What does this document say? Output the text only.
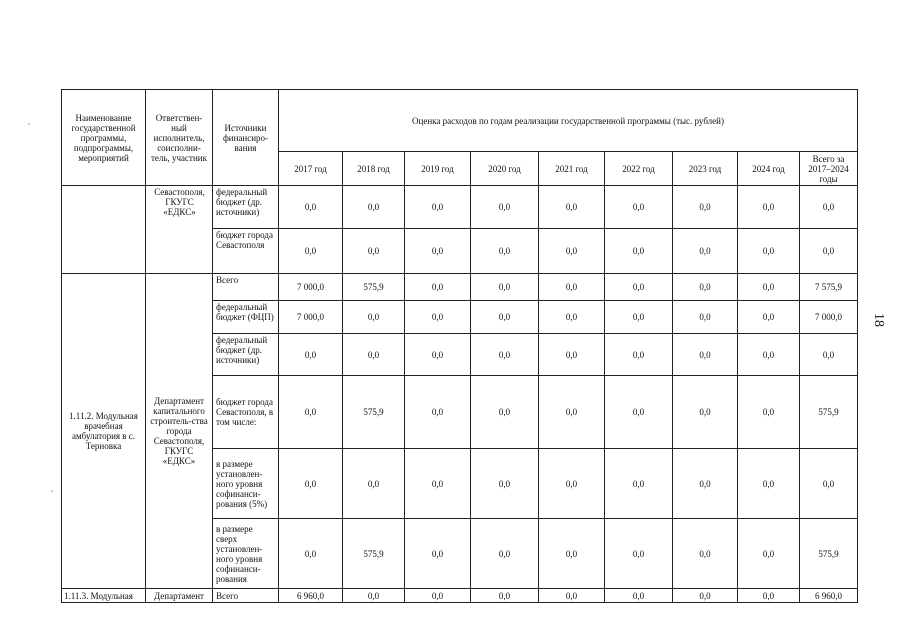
Наименование государственной программы, подпрограммы, мероприятий	Ответствен-ный исполнитель, соисполни-тель, участник	Источники финансиро-вания	Оценка расходов по годам реализации государственной программы (тыс. рублей)								
			2017 год	2018 год	2019 год	2020 год	2021 год	2022 год	2023 год	2024 год	Всего за 2017–2024 годы
	Севастополя, ГКУГС «ЕДКС»	федеральный бюджет (др. источники)	0,0	0,0	0,0	0,0	0,0	0,0	0,0	0,0	0,0
		бюджет города Севастополя	0,0	0,0	0,0	0,0	0,0	0,0	0,0	0,0	0,0
1.11.2. Модульная врачебная амбулатория в с. Терновка	Департамент капитального строитель-ства города Севастополя, ГКУГС «ЕДКС»	Всего	7 000,0	575,9	0,0	0,0	0,0	0,0	0,0	0,0	7 575,9
		федеральный бюджет (ФЦП)	7 000,0	0,0	0,0	0,0	0,0	0,0	0,0	0,0	7 000,0
		федеральный бюджет (др. источники)	0,0	0,0	0,0	0,0	0,0	0,0	0,0	0,0	0,0
		бюджет города Севастополя, в том числе:	0,0	575,9	0,0	0,0	0,0	0,0	0,0	0,0	575,9
		в размере установлен-ного уровня софинанси-рования (5%)	0,0	0,0	0,0	0,0	0,0	0,0	0,0	0,0	0,0
		в размере сверх установлен-ного уровня софинанси-рования	0,0	575,9	0,0	0,0	0,0	0,0	0,0	0,0	575,9
1.11.3. Модульная	Департамент	Всего	6 960,0	0,0	0,0	0,0	0,0	0,0	0,0	0,0	6 960,0
18
